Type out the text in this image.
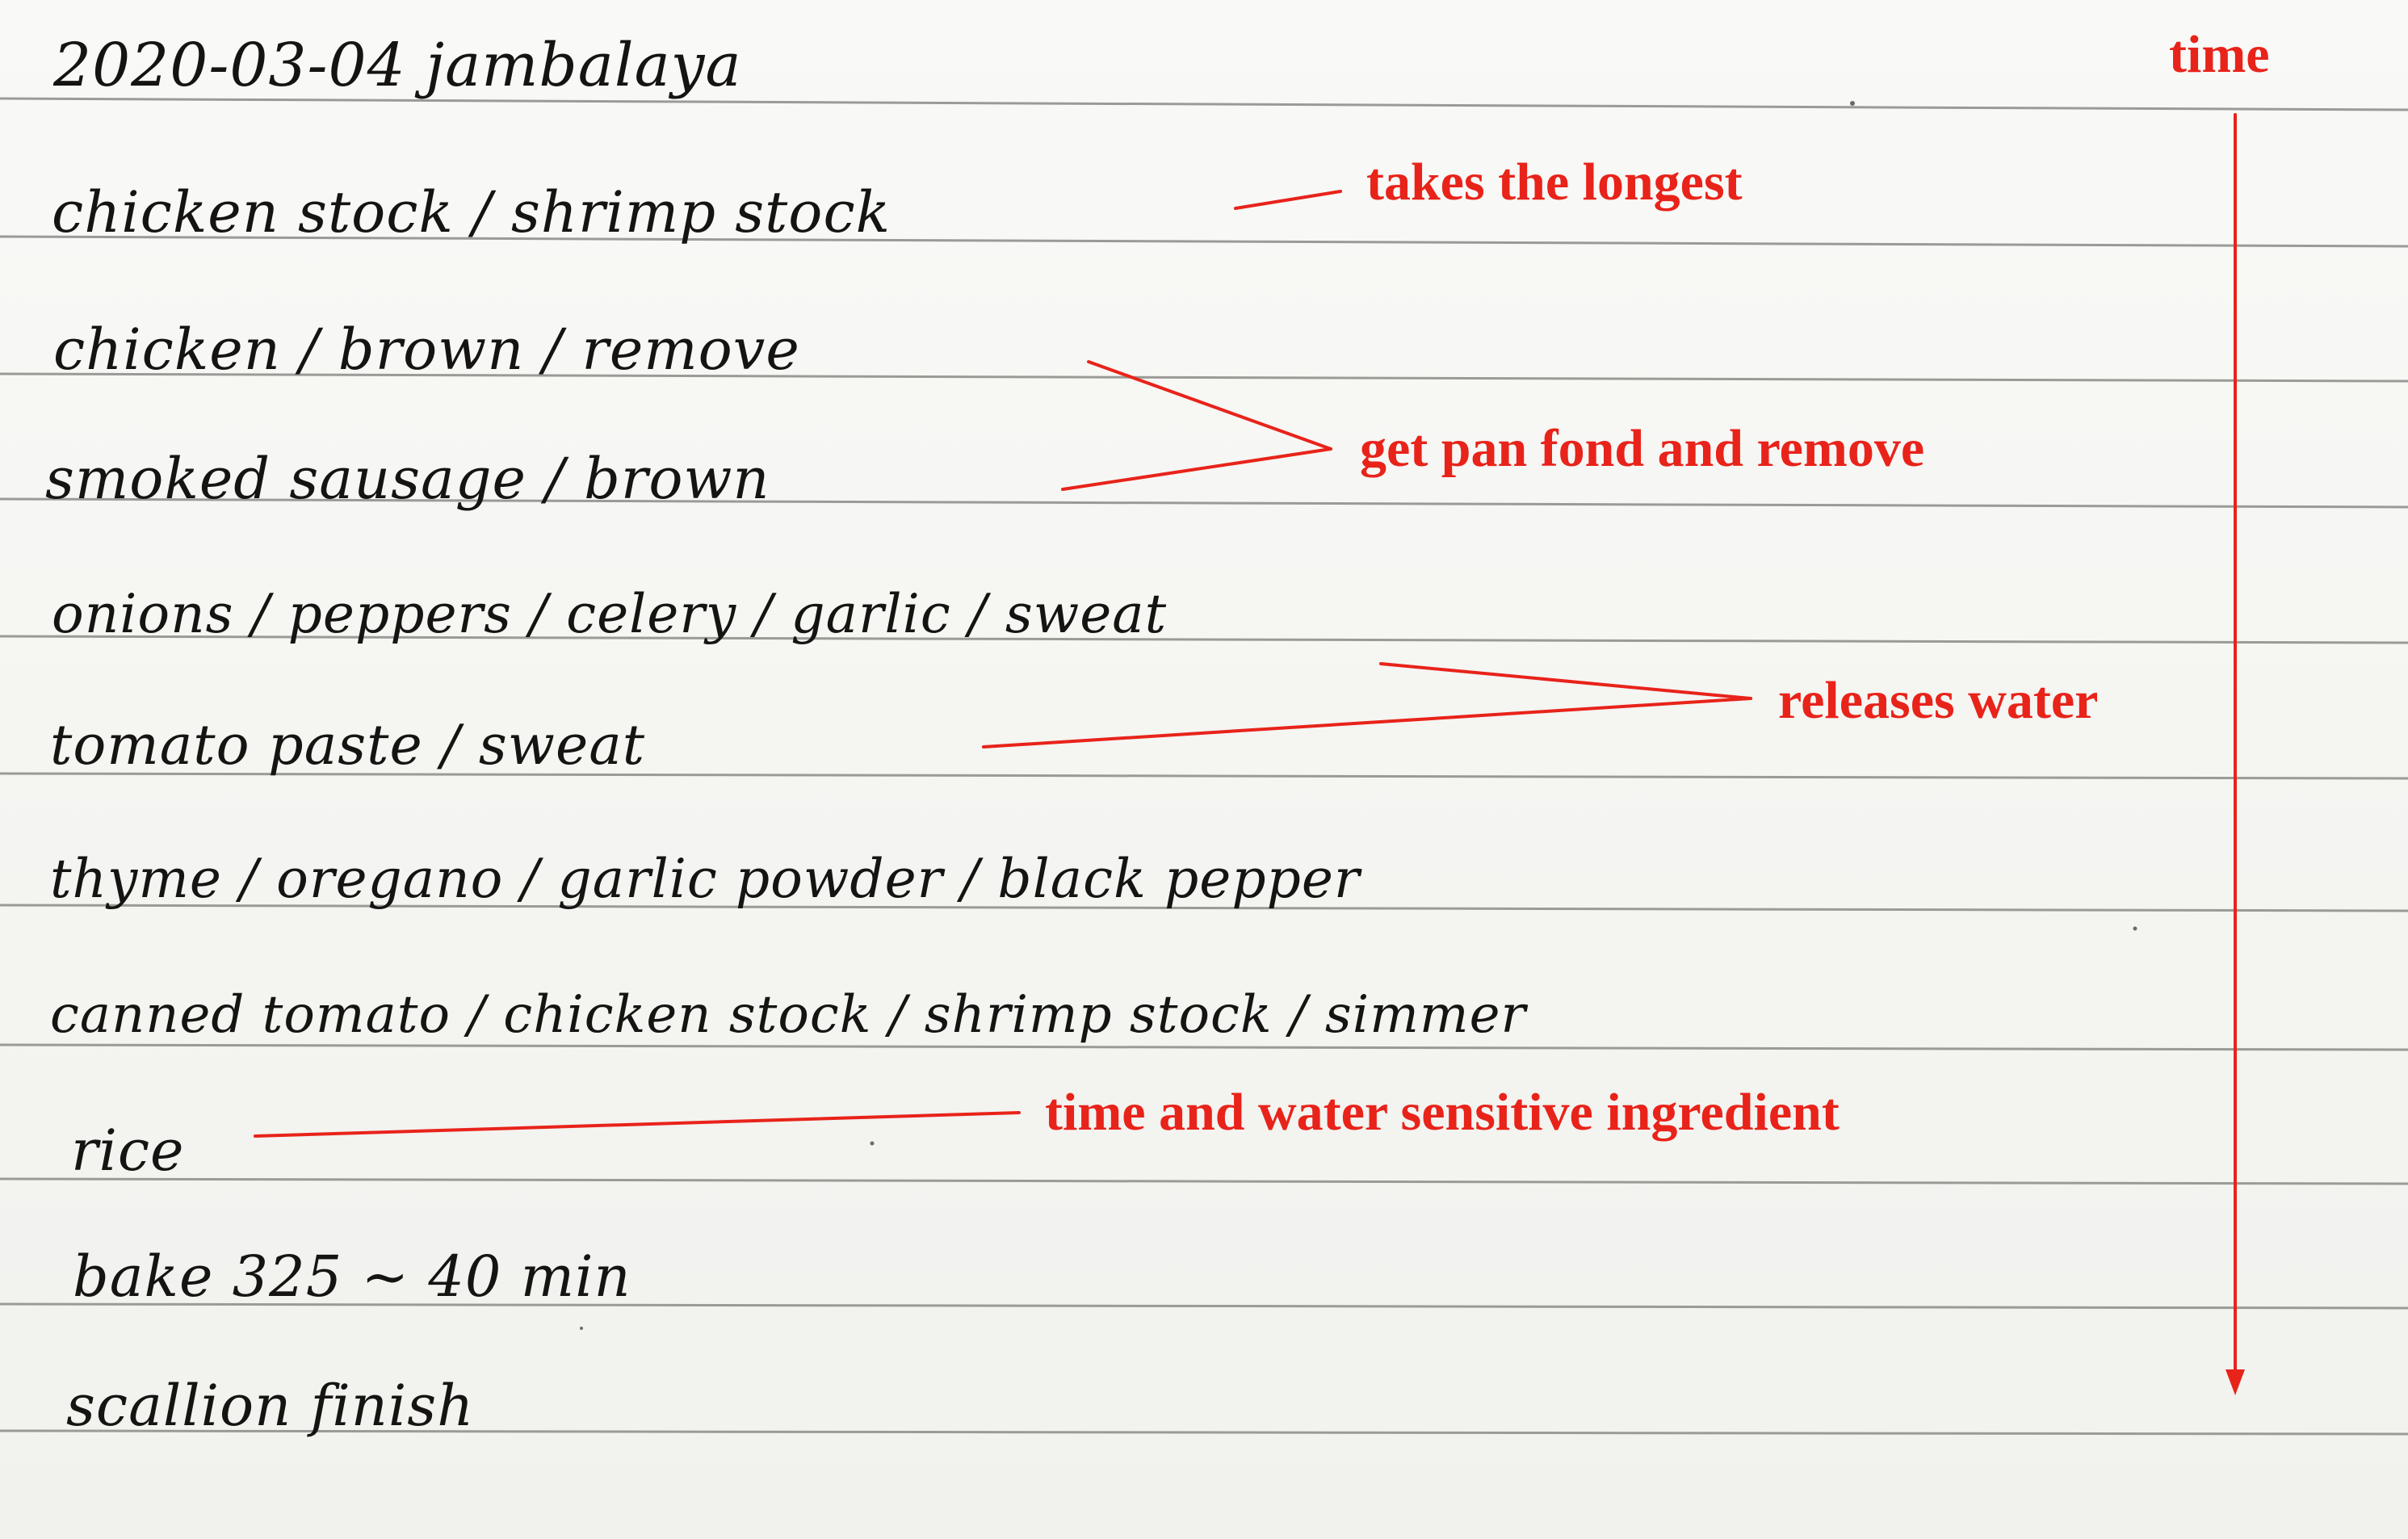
2020-03-04 jambalaya
chicken stock / shrimp stock
chicken / brown / remove
smoked sausage / brown
onions / peppers / celery / garlic / sweat
tomato paste / sweat
thyme / oregano / garlic powder / black pepper
canned tomato / chicken stock / shrimp stock / simmer
rice
bake 325 ~ 40 min
scallion finish
time
takes the longest
get pan fond and remove
releases water
time and water sensitive ingredient
